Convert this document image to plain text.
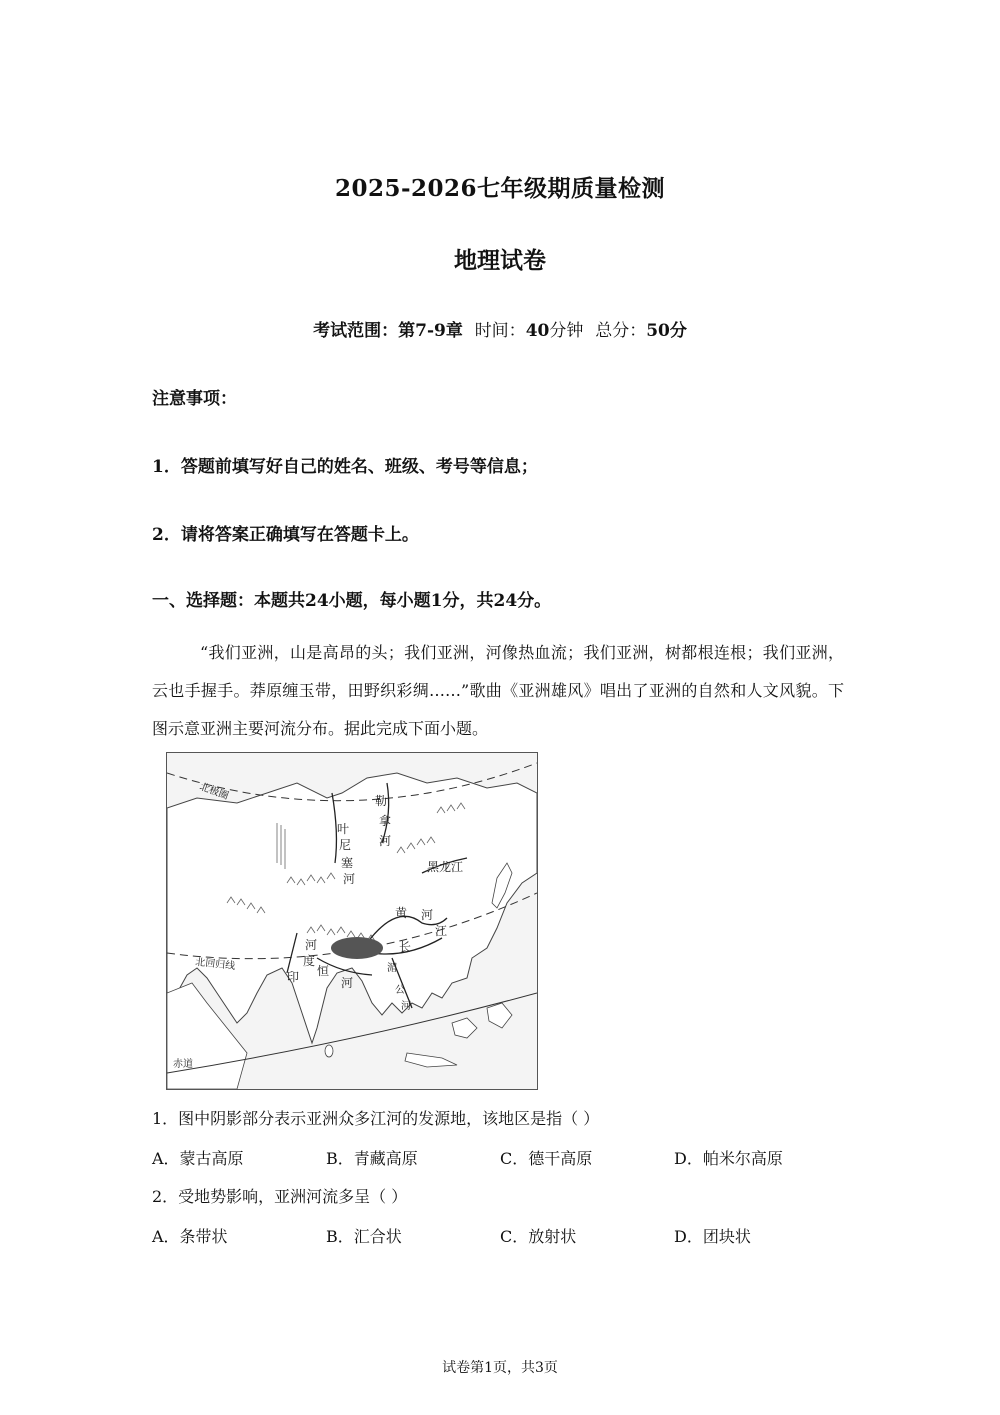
2025-2026七年级期质量检测
地理试卷
考试范围：第7-9章 时间：40分钟 总分：50分
注意事项：
1．答题前填写好自己的姓名、班级、考号等信息；
2．请将答案正确填写在答题卡上。
一、选择题：本题共24小题，每小题1分，共24分。
“我们亚洲，山是高昂的头；我们亚洲，河像热血流；我们亚洲，树都根连根；我们亚洲，云也手握手。莽原缠玉带，田野织彩绸……”歌曲《亚洲雄风》唱出了亚洲的自然和人文风貌。下图示意亚洲主要河流分布。据此完成下面小题。
北极圈
北回归线
赤道
勒
拿
河
叶
尼
塞
河
黑龙江
黄 河
长
江
印
度
河
恒
河
湄
公
河
1．图中阴影部分表示亚洲众多江河的发源地，该地区是指（ ）
A．蒙古高原	B．青藏高原	C．德干高原	D．帕米尔高原
2．受地势影响，亚洲河流多呈（ ）
A．条带状	B．汇合状	C．放射状	D．团块状
试卷第1页，共3页
